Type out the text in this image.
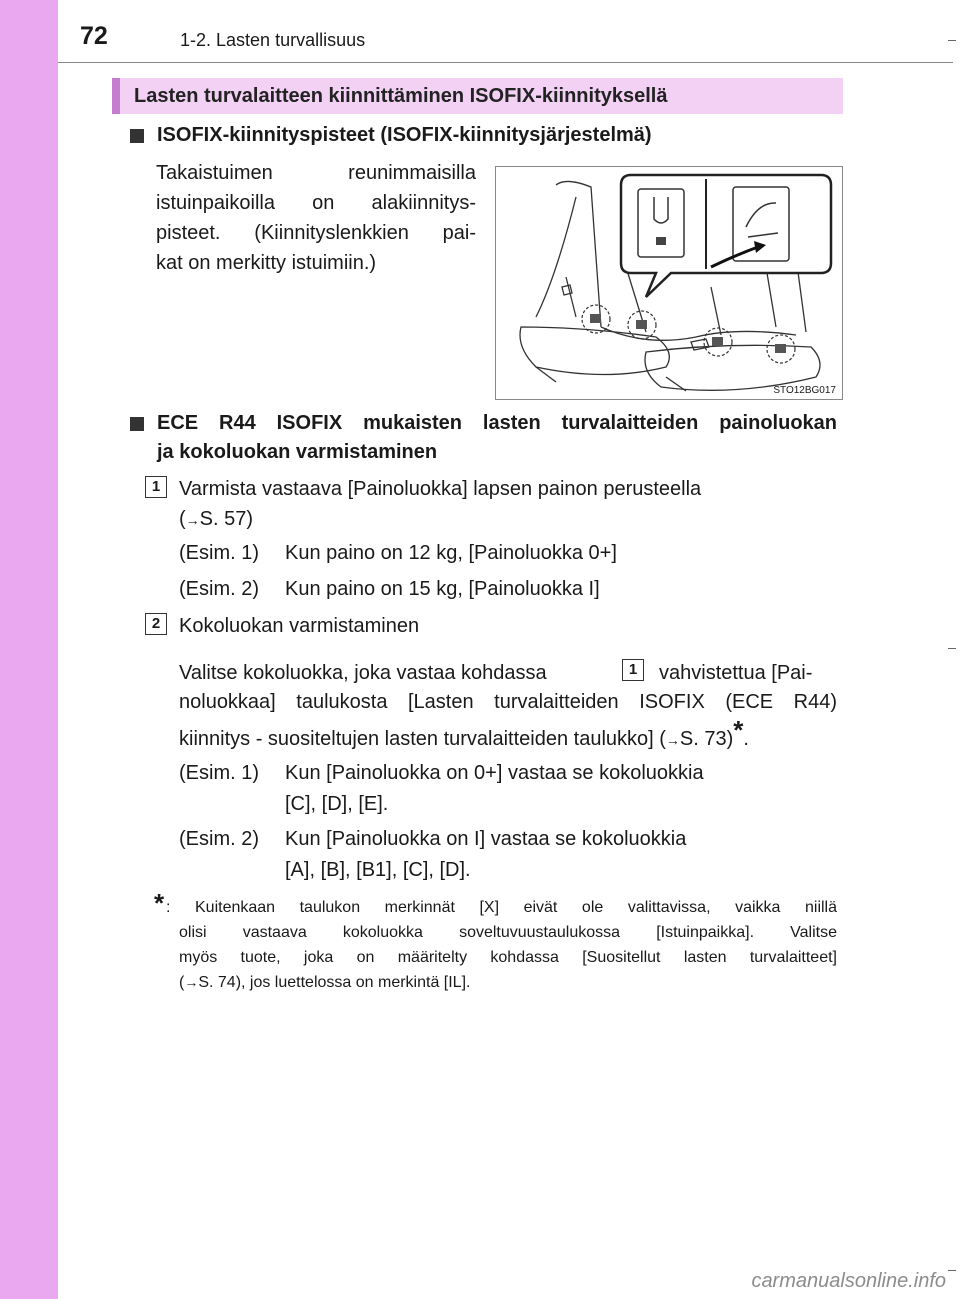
72	1-2. Lasten turvallisuus
Lasten turvalaitteen kiinnittäminen ISOFIX-kiinnityksellä
ISOFIX-kiinnityspisteet (ISOFIX-kiinnitysjärjestelmä)
Takaistuimen reunimmaisilla
istuinpaikoilla on alakiinnitys-
pisteet. (Kiinnityslenkkien pai-
kat on merkitty istuimiin.)
STO12BG017
ECE R44 ISOFIX mukaisten lasten turvalaitteiden painoluokan
ja kokoluokan varmistaminen
1 Varmista vastaava [Painoluokka] lapsen painon perusteella
(→S. 57)
(Esim. 1) Kun paino on 12 kg, [Painoluokka 0+]
(Esim. 2) Kun paino on 15 kg, [Painoluokka I]
2 Kokoluokan varmistaminen
Valitse kokoluokka, joka vastaa kohdassa	1	vahvistettua [Pai-
noluokkaa] taulukosta [Lasten turvalaitteiden ISOFIX (ECE R44)
kiinnitys - suositeltujen lasten turvalaitteiden taulukko] (→S. 73)*.
(Esim. 1) Kun [Painoluokka on 0+] vastaa se kokoluokkia
[C], [D], [E].
(Esim. 2) Kun [Painoluokka on I] vastaa se kokoluokkia
[A], [B], [B1], [C], [D].
* : Kuitenkaan taulukon merkinnät [X] eivät ole valittavissa, vaikka niillä
olisi vastaava kokoluokka soveltuvuustaulukossa [Istuinpaikka]. Valitse
myös tuote, joka on määritelty kohdassa [Suositellut lasten turvalaitteet]
(→S. 74), jos luettelossa on merkintä [IL].
carmanualsonline.info
